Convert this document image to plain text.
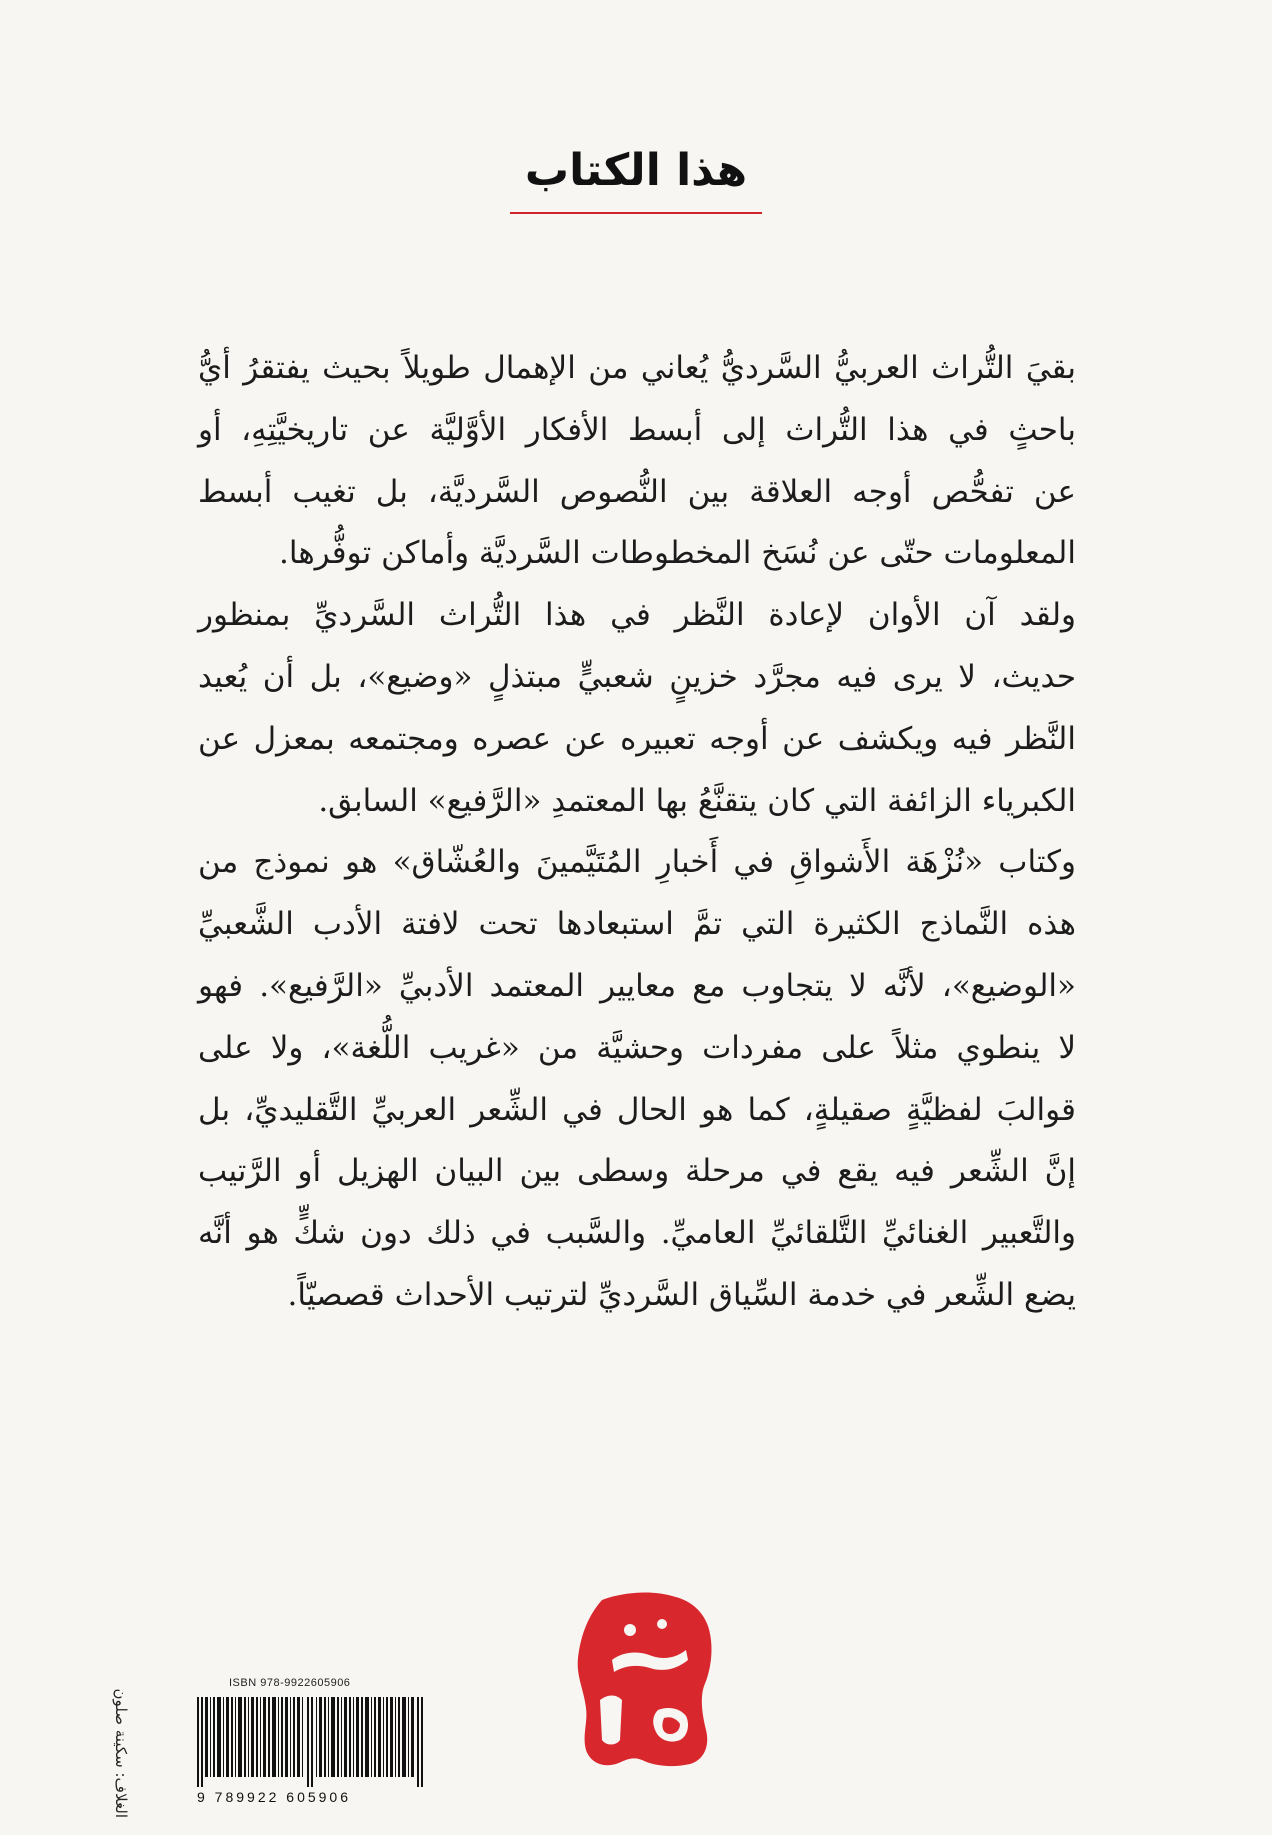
هذا الكتاب
بقيَ التُّراث العربيُّ السَّرديُّ يُعاني من الإهمال طويلاً بحيث يفتقرُ أيُّ
باحثٍ في هذا التُّراث إلى أبسط الأفكار الأوَّليَّة عن تاريخيَّتِهِ، أو
عن تفحُّص أوجه العلاقة بين النُّصوص السَّرديَّة، بل تغيب أبسط
المعلومات حتّى عن نُسَخ المخطوطات السَّرديَّة وأماكن توفُّرها.
ولقد آن الأوان لإعادة النَّظر في هذا التُّراث السَّرديِّ بمنظور
حديث، لا يرى فيه مجرَّد خزينٍ شعبيٍّ مبتذلٍ «وضيع»، بل أن يُعيد
النَّظر فيه ويكشف عن أوجه تعبيره عن عصره ومجتمعه بمعزل عن
الكبرياء الزائفة التي كان يتقنَّعُ بها المعتمدِ «الرَّفيع» السابق.
وكتاب «نُزْهَة الأَشواقِ في أَخبارِ المُتَيَّمينَ والعُشّاق» هو نموذج من
هذه النَّماذج الكثيرة التي تمَّ استبعادها تحت لافتة الأدب الشَّعبيِّ
«الوضيع»، لأنَّه لا يتجاوب مع معايير المعتمد الأدبيِّ «الرَّفيع». فهو
لا ينطوي مثلاً على مفردات وحشيَّة من «غريب اللُّغة»، ولا على
قوالبَ لفظيَّةٍ صقيلةٍ، كما هو الحال في الشِّعر العربيِّ التَّقليديِّ، بل
إنَّ الشِّعر فيه يقع في مرحلة وسطى بين البيان الهزيل أو الرَّتيب
والتَّعبير الغنائيِّ التَّلقائيِّ العاميِّ. والسَّبب في ذلك دون شكٍّ هو أنَّه
يضع الشِّعر في خدمة السِّياق السَّرديِّ لترتيب الأحداث قصصيّاً.
الغلاف: سكينة صلون
ISBN 978-9922605906
9 789922 605906
